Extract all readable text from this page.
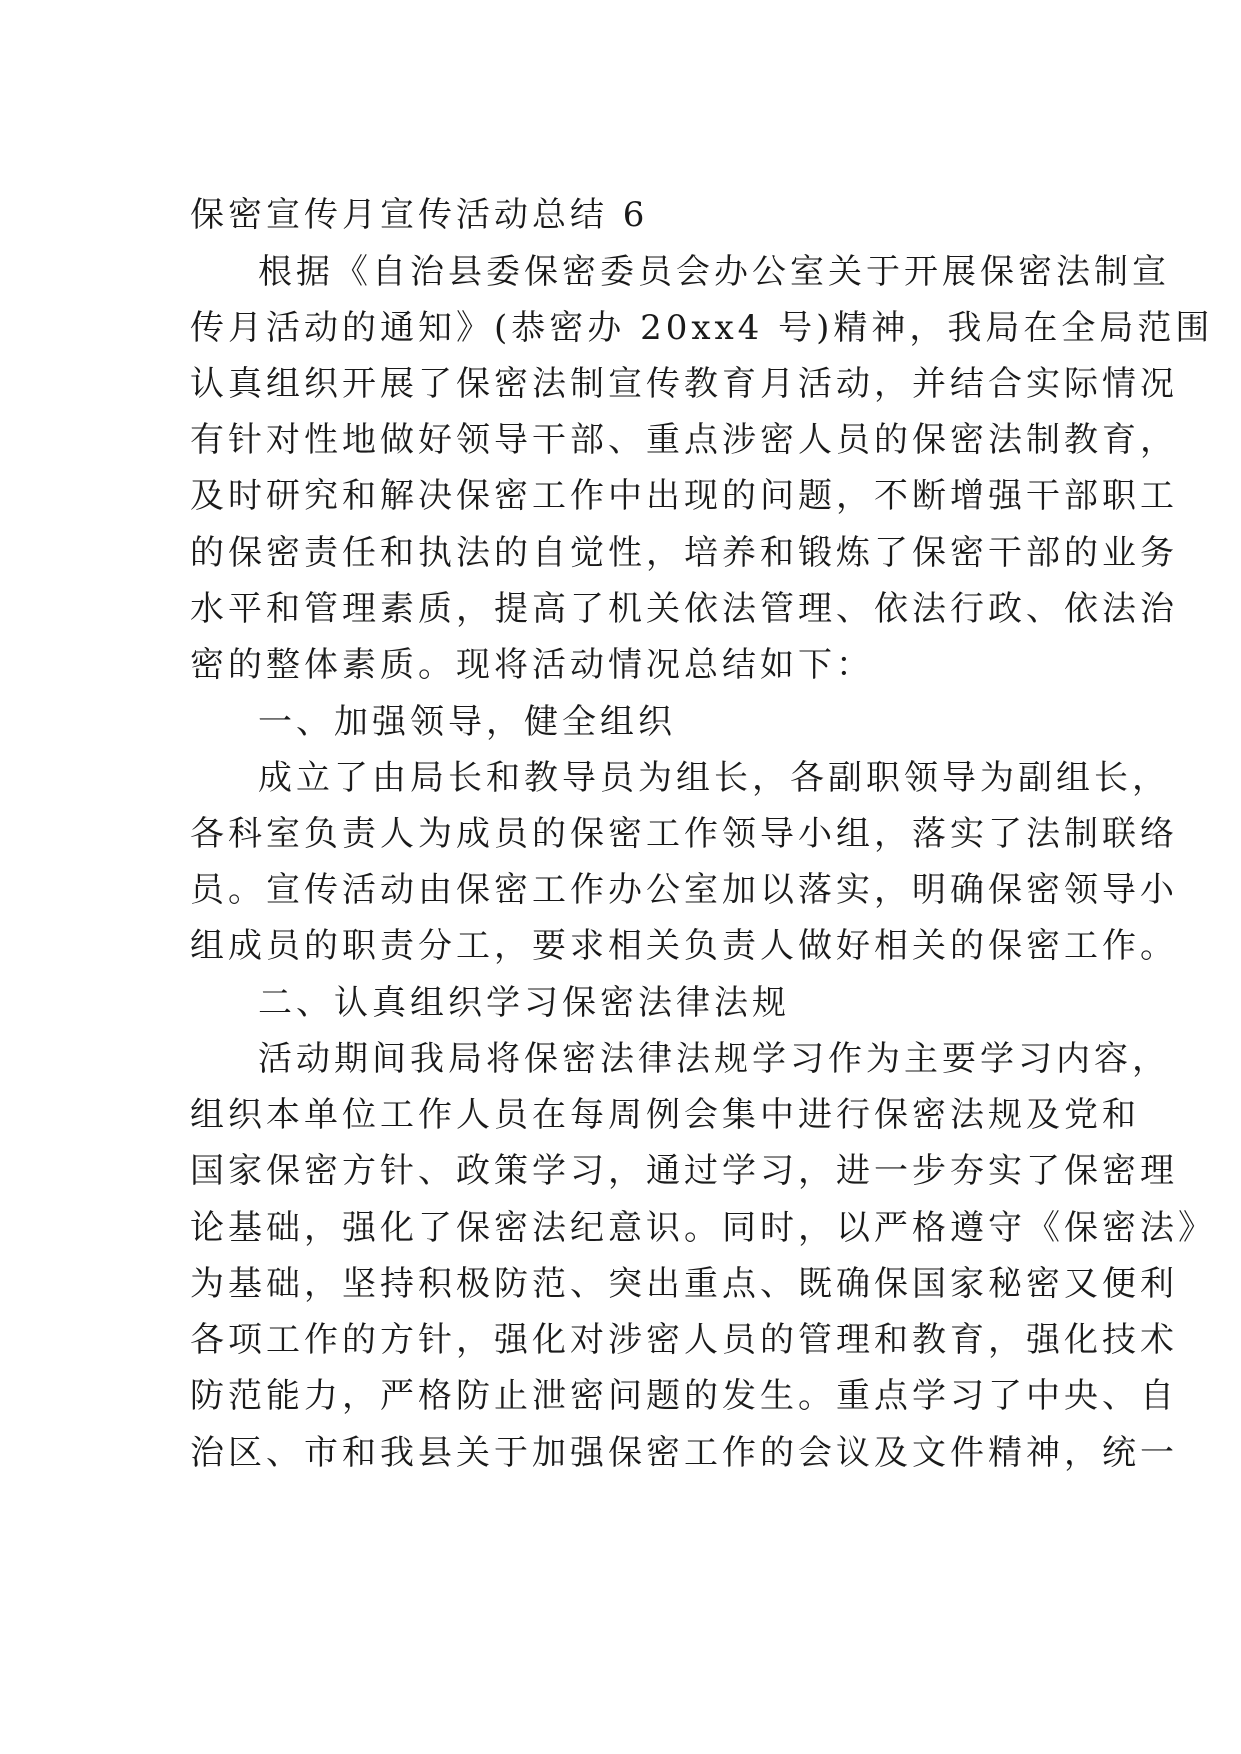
保密宣传月宣传活动总结 6
根据《自治县委保密委员会办公室关于开展保密法制宣
传月活动的通知》(恭密办 20xx4 号)精神，我局在全局范围
认真组织开展了保密法制宣传教育月活动，并结合实际情况
有针对性地做好领导干部、重点涉密人员的保密法制教育，
及时研究和解决保密工作中出现的问题，不断增强干部职工
的保密责任和执法的自觉性，培养和锻炼了保密干部的业务
水平和管理素质，提高了机关依法管理、依法行政、依法治
密的整体素质。现将活动情况总结如下：
一、加强领导，健全组织
成立了由局长和教导员为组长，各副职领导为副组长，
各科室负责人为成员的保密工作领导小组，落实了法制联络
员。宣传活动由保密工作办公室加以落实，明确保密领导小
组成员的职责分工，要求相关负责人做好相关的保密工作。
二、认真组织学习保密法律法规
活动期间我局将保密法律法规学习作为主要学习内容，
组织本单位工作人员在每周例会集中进行保密法规及党和
国家保密方针、政策学习，通过学习，进一步夯实了保密理
论基础，强化了保密法纪意识。同时，以严格遵守《保密法》
为基础，坚持积极防范、突出重点、既确保国家秘密又便利
各项工作的方针，强化对涉密人员的管理和教育，强化技术
防范能力，严格防止泄密问题的发生。重点学习了中央、自
治区、市和我县关于加强保密工作的会议及文件精神，统一
